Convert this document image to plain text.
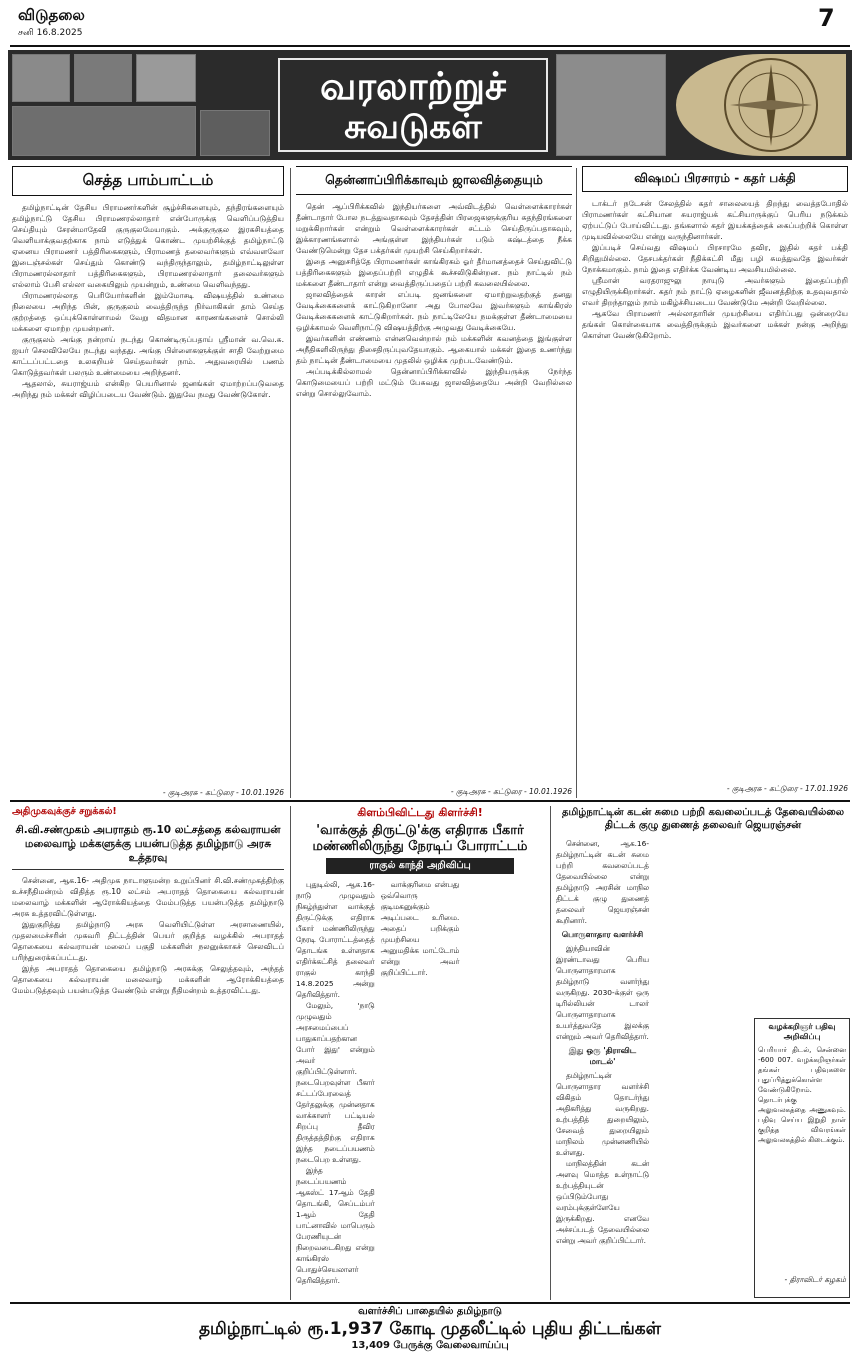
விடுதலை
சனி 16.8.2025
7
வரலாற்றுச்
சுவடுகள்
செத்த பாம்பாட்டம்

தமிழ்நாட்டின் தேசிய பிராமணர்களின் சூழ்ச்சிகளையும், தந்திரங்களையும் தமிழ்நாட்டு தேசிய பிராமணரல்லாதார் என்போருக்கு வெளிப்படுத்திய செய்தியும் சேரன்மாதேவி குருகுலமேயாகும். அக்குருகுல இரகசியத்தை வெளியாக்குவதற்காக நாம் எடுத்துக் கொண்ட முயற்சிக்குத் தமிழ்நாட்டு ஏனைய பிராமணர் பத்திரிகைகளும், பிராமணத் தலைவர்களும் எவ்வளவோ இடைஞ்சல்கள் செய்தும் கொண்டு வந்திருந்தாலும், தமிழ்நாட்டிலுள்ள பிராமணரல்லாதார் பத்திரிகைகளும், பிராமணரல்லாதார் தலைவர்களும் எல்லாம் பேசி எல்லா வகையிலும் முயன்றும், உண்மை வெளிவந்தது.

பிராமணரல்லாத பெரியோர்களின் இம்மோசடி விஷயத்தில் உண்மை நிலையை அறிந்த பின், குருகுலம் வைத்திருந்த நிர்வாகிகள் தாம் செய்த குற்றத்தை ஒப்புக்கொள்ளாமல் வேறு விதமான காரணங்களைச் சொல்லி மக்களை ஏமாற்ற முயன்றனர்.

குருகுலம் அங்கு நன்றாய் நடந்து கொண்டிருப்பதாய் ஸ்ரீமான் வ.வெ.சு. ஐயர் செலவிலேயே நடந்து வந்தது. அங்கு பிள்ளைகளுக்குள் சாதி வேற்றுமை காட்டப்பட்டதை உலகறியச் செய்தவர்கள் நாம். அதுவரையில் பணம் கொடுத்தவர்கள் பலரும் உண்மையை அறிந்தனர்.

ஆதலால், சுயராஜ்யம் என்கிற பெயரினால் ஜனங்கள் ஏமாற்றப்படுவதை அறிந்து நம் மக்கள் விழிப்படைய வேண்டும். இதுவே நமது வேண்டுகோள்.

- குடிஅரசு - கட்டுரை - 10.01.1926
தென்னாப்பிரிக்காவும் ஜாலவித்தையும்

தென் ஆப்பிரிக்கவில் இந்தியர்களை அவ்விடத்தில் வெள்ளைக்காரர்கள் தீண்டாதார் போல நடத்துவதாகவும் தேசத்தின் பிரஜைகளுக்குரிய சுதந்திரங்களை மறுக்கிறார்கள் என்றும் வெள்ளைக்காரர்கள் சட்டம் செய்திருப்பதாகவும், இக்காரணங்களால் அங்குள்ள இந்தியர்கள் படும் கஷ்டத்தை நீக்க வேண்டுமென்று தேச பக்தர்கள் முயற்சி செய்கிறார்கள்.

இதை அனுசரித்தே பிராமணர்கள் காங்கிரசும் ஓர் தீர்மானத்தைச் செய்துவிட்டு பத்திரிகைகளும் இதைப்பற்றி எழுதிக் கூச்சலிடுகின்றன. நம் நாட்டில் நம் மக்களை தீண்டாதார் என்று வைத்திருப்பதைப் பற்றி கவலையில்லை.

ஜாலவித்தைக் காரன் எப்படி ஜனங்களை ஏமாற்றுவதற்குத் தனது வேடிக்கைகளைக் காட்டுகிறானோ அது போலவே இவர்களும் காங்கிரஸ் வேடிக்கைகளைக் காட்டுகிறார்கள். நம் நாட்டிலேயே நமக்குள்ள தீண்டாமையை ஒழிக்காமல் வெளிநாட்டு விஷயத்திற்கு அழுவது வேடிக்கையே.

இவர்களின் எண்ணம் என்னவென்றால் நம் மக்களின் கவனத்தை இங்குள்ள அநீதிகளிலிருந்து திசைதிருப்புவதேயாகும். ஆகையால் மக்கள் இதை உணர்ந்து தம் நாட்டின் தீண்டாமையை முதலில் ஒழிக்க முற்படவேண்டும்.

அப்படிக்கில்லாமல் தென்னாப்பிரிக்காவில் இந்தியருக்கு நேர்ந்த கொடுமையைப் பற்றி மட்டும் பேசுவது ஜாலவித்தையே அன்றி வேறில்லை என்று சொல்லுவோம்.

- குடிஅரசு - கட்டுரை - 10.01.1926
விஷமப் பிரசாரம் - கதர் பக்தி

டாக்டர் நடேசன் சேலத்தில் கதர் சாலையைத் திறந்து வைத்தபோதில் பிராமணர்கள் கட்சியான சுயராஜ்யக் கட்சியாருக்குப் பெரிய நடுக்கம் ஏற்பட்டுப் போய்விட்டது. தங்களால் கதர் இயக்கத்தைக் கைப்பற்றிக் கொள்ள முடியவில்லையே என்று வருந்தினார்கள்.

இப்படிச் செய்வது விஷமப் பிரசாரமே தவிர, இதில் கதர் பக்தி சிறிதுமில்லை. தேசபக்தர்கள் நீதிக்கட்சி மீது பழி சுமத்துவதே இவர்கள் நோக்கமாகும். நாம் இதை எதிர்க்க வேண்டிய அவசியமில்லை.

ஸ்ரீமான் வரதராஜுலு நாயுடு அவர்களும் இதைப்பற்றி எழுதியிருக்கிறார்கள். கதர் நம் நாட்டு ஏழைகளின் ஜீவனத்திற்கு உதவுவதால் எவர் திறந்தாலும் நாம் மகிழ்ச்சியடைய வேண்டுமே அன்றி வேறில்லை.

ஆகவே பிராமணர் அல்லாதாரின் முயற்சியை எதிர்ப்பது ஒன்றையே தங்கள் கொள்கையாக வைத்திருக்கும் இவர்களை மக்கள் நன்கு அறிந்து கொள்ள வேண்டுகிறோம்.

- குடிஅரசு - கட்டுரை - 17.01.1926
அதிமுகவுக்குச் சறுக்கல்!
சி.வி.சண்முகம் அபராதம் ரூ.10 லட்சத்தை கல்வராயன் மலைவாழ் மக்களுக்கு பயன்படுத்த தமிழ்நாடு அரசு உத்தரவு

சென்னை, ஆக.16- அதிமுக நாடாளுமன்ற உறுப்பினர் சி.வி.சண்முகத்திற்கு உச்சநீதிமன்றம் விதித்த ரூ.10 லட்சம் அபராதத் தொகையை கல்வராயன் மலைவாழ் மக்களின் ஆரோக்கியத்தை மேம்படுத்த பயன்படுத்த தமிழ்நாடு அரசு உத்தரவிட்டுள்ளது.

இதுகுறித்து தமிழ்நாடு அரசு வெளியிட்டுள்ள அரசாணையில், முதலமைச்சரின் முகவரி திட்டத்தின் பெயர் குறித்த வழக்கில் அபராதத் தொகையை கல்வராயன் மலைப் பகுதி மக்களின் நலனுக்காகச் செலவிடப் பரிந்துரைக்கப்பட்டது.

இந்த அபராதத் தொகையை தமிழ்நாடு அரசுக்கு செலுத்தவும், அந்தத் தொகையை கல்வராயன் மலைவாழ் மக்களின் ஆரோக்கியத்தை மேம்படுத்தவும் பயன்படுத்த வேண்டும் என்று நீதிமன்றம் உத்தரவிட்டது.

கிளம்பிவிட்டது கிளர்ச்சி!
'வாக்குத் திருட்டு'க்கு எதிராக பீகார் மண்ணிலிருந்து நேரடிப் போராட்டம்
ராகுல் காந்தி அறிவிப்பு

புதுடில்லி, ஆக.16- நாடு முழுவதும் நிகழ்ந்துள்ள வாக்குத் திருட்டுக்கு எதிராக பீகார் மண்ணிலிருந்து நேரடி போராட்டத்தைத் தொடங்க உள்ளதாக எதிர்க்கட்சித் தலைவர் ராகுல் காந்தி 14.8.2025 அன்று தெரிவித்தார்.

மேலும், 'நாடு முழுவதும் அரசமைப்பைப் பாதுகாப்பதற்கான போர் இது' என்றும் அவர் குறிப்பிட்டுள்ளார். நடைபெறவுள்ள பீகார் சட்டப்பேரவைத் தேர்தலுக்கு முன்னதாக வாக்காளர் பட்டியல் சிறப்பு தீவிர திருத்தத்திற்கு எதிராக இந்த நடைப்பயணம் நடைபெற உள்ளது.

இந்த நடைப்பயணம் ஆகஸ்ட் 17ஆம் தேதி தொடங்கி, செப்டம்பர் 1ஆம் தேதி பாட்னாவில் மாபெரும் பேரணியுடன் நிறைவடைகிறது என்று காங்கிரஸ் பொதுச்செயலாளர் தெரிவித்தார்.

வாக்குரிமை என்பது ஒவ்வொரு குடிமகனுக்கும் அடிப்படை உரிமை. அதைப் பறிக்கும் முயற்சியை அனுமதிக்க மாட்டோம் என்று அவர் குறிப்பிட்டார்.

தமிழ்நாட்டின் கடன் சுமை பற்றி கவலைப்படத் தேவையில்லை
திட்டக் குழு துணைத் தலைவர் ஜெயரஞ்சன்

சென்னை, ஆக.16- தமிழ்நாட்டின் கடன் சுமை பற்றி கவலைப்படத் தேவையில்லை என்று தமிழ்நாடு அரசின் மாநில திட்டக் குழு துணைத் தலைவர் ஜெயரஞ்சன் கூறினார்.

பொருளாதார வளர்ச்சி

இந்தியாவின் இரண்டாவது பெரிய பொருளாதாரமாக தமிழ்நாடு வளர்ந்து வருகிறது. 2030-க்குள் ஒரு டிரில்லியன் டாலர் பொருளாதாரமாக உயர்த்துவதே இலக்கு என்றும் அவர் தெரிவித்தார்.

இது ஒரு 'திராவிட மாடல்'

தமிழ்நாட்டின் பொருளாதார வளர்ச்சி விகிதம் தொடர்ந்து அதிகரித்து வருகிறது. உற்பத்தித் துறையிலும், சேவைத் துறையிலும் மாநிலம் முன்னணியில் உள்ளது.

மாநிலத்தின் கடன் அளவு மொத்த உள்நாட்டு உற்பத்தியுடன் ஒப்பிடும்போது வரம்புக்குள்ளேயே இருக்கிறது. எனவே அச்சப்படத் தேவையில்லை என்று அவர் குறிப்பிட்டார்.

வழக்கறிஞர் பதிவு அறிவிப்பு
பெரியார் திடல், சென்னை -600 007. வழக்கறிஞர்கள் தங்கள் பதிவுகளை புதுப்பித்துக்கொள்ள வேண்டுகிறோம். தொடர்புக்கு அலுவலகத்தை அணுகவும். பதிவு செய்ய இறுதி நாள் குறித்த விவரங்கள் அலுவலகத்தில் கிடைக்கும்.
- திராவிடர் கழகம்
வளர்ச்சிப் பாதையில் தமிழ்நாடு
தமிழ்நாட்டில் ரூ.1,937 கோடி முதலீட்டில் புதிய திட்டங்கள்
13,409 பேருக்கு வேலைவாய்ப்பு
